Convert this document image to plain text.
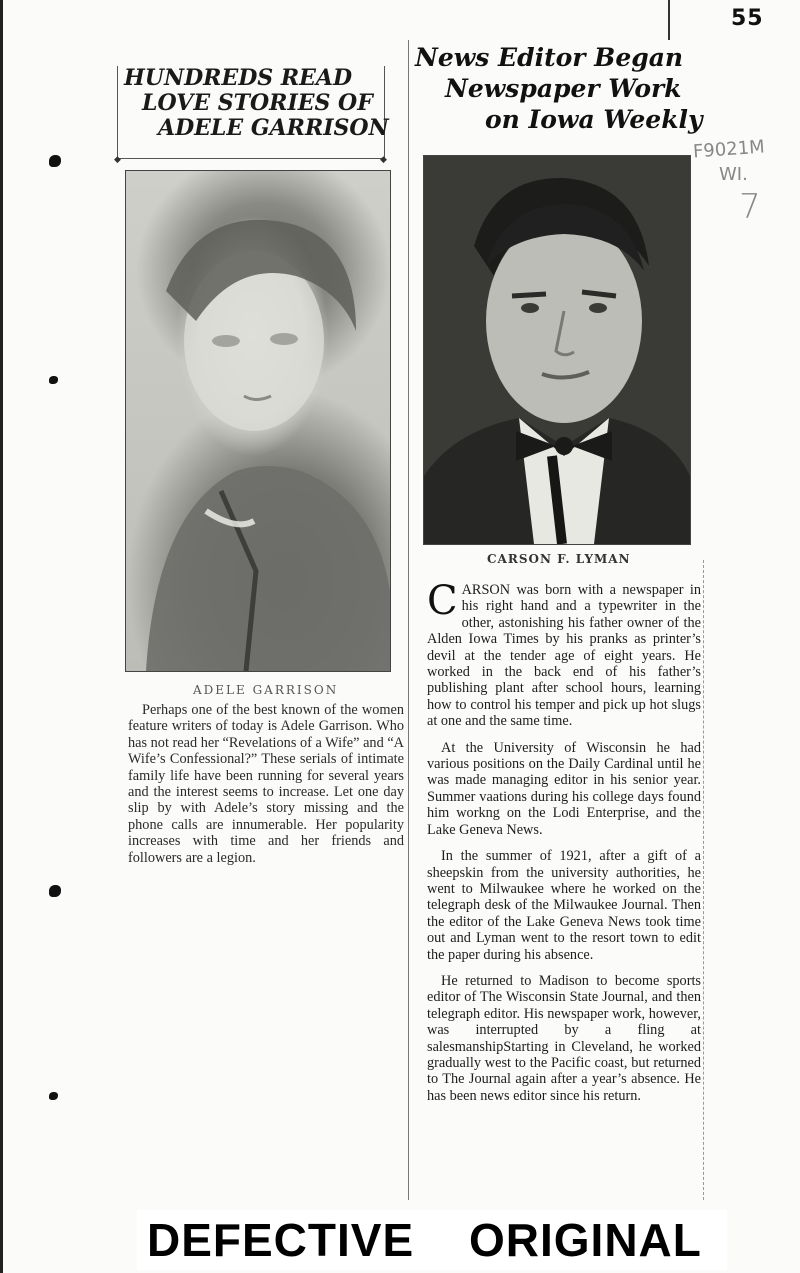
55
F9021M
WI.
7
HUNDREDS READ
LOVE STORIES OF
ADELE GARRISON
◆	◆
ADELE GARRISON

Perhaps one of the best known of the women feature writers of today is Adele Garrison. Who has not read her “Revelations of a Wife” and “A Wife’s Confessional?” These serials of intimate family life have been running for several years and the interest seems to increase. Let one day slip by with Adele’s story missing and the phone calls are innumerable. Her popularity increases with time and her friends and followers are a legion.

News Editor Began
Newspaper Work
on Iowa Weekly
CARSON F. LYMAN

CARSON was born with a newspaper in his right hand and a typewriter in the other, astonishing his father owner of the Alden Iowa Times by his pranks as printer’s devil at the tender age of eight years. He worked in the back end of his father’s publishing plant after school hours, learning how to control his temper and pick up hot slugs at one and the same time.

At the University of Wisconsin he had various positions on the Daily Cardinal until he was made managing editor in his senior year. Summer vaations during his college days found him workng on the Lodi Enterprise, and the Lake Geneva News.

In the summer of 1921, after a gift of a sheepskin from the university authorities, he went to Milwaukee where he worked on the telegraph desk of the Milwaukee Journal. Then the editor of the Lake Geneva News took time out and Lyman went to the resort town to edit the paper during his absence.

He returned to Madison to become sports editor of The Wisconsin State Journal, and then telegraph editor. His newspaper work, however, was interrupted by a fling at salesmanshipStarting in Cleveland, he worked gradually west to the Pacific coast, but returned to The Journal again after a year’s absence. He has been news editor since his return.

DEFECTIVE ORIGINAL
